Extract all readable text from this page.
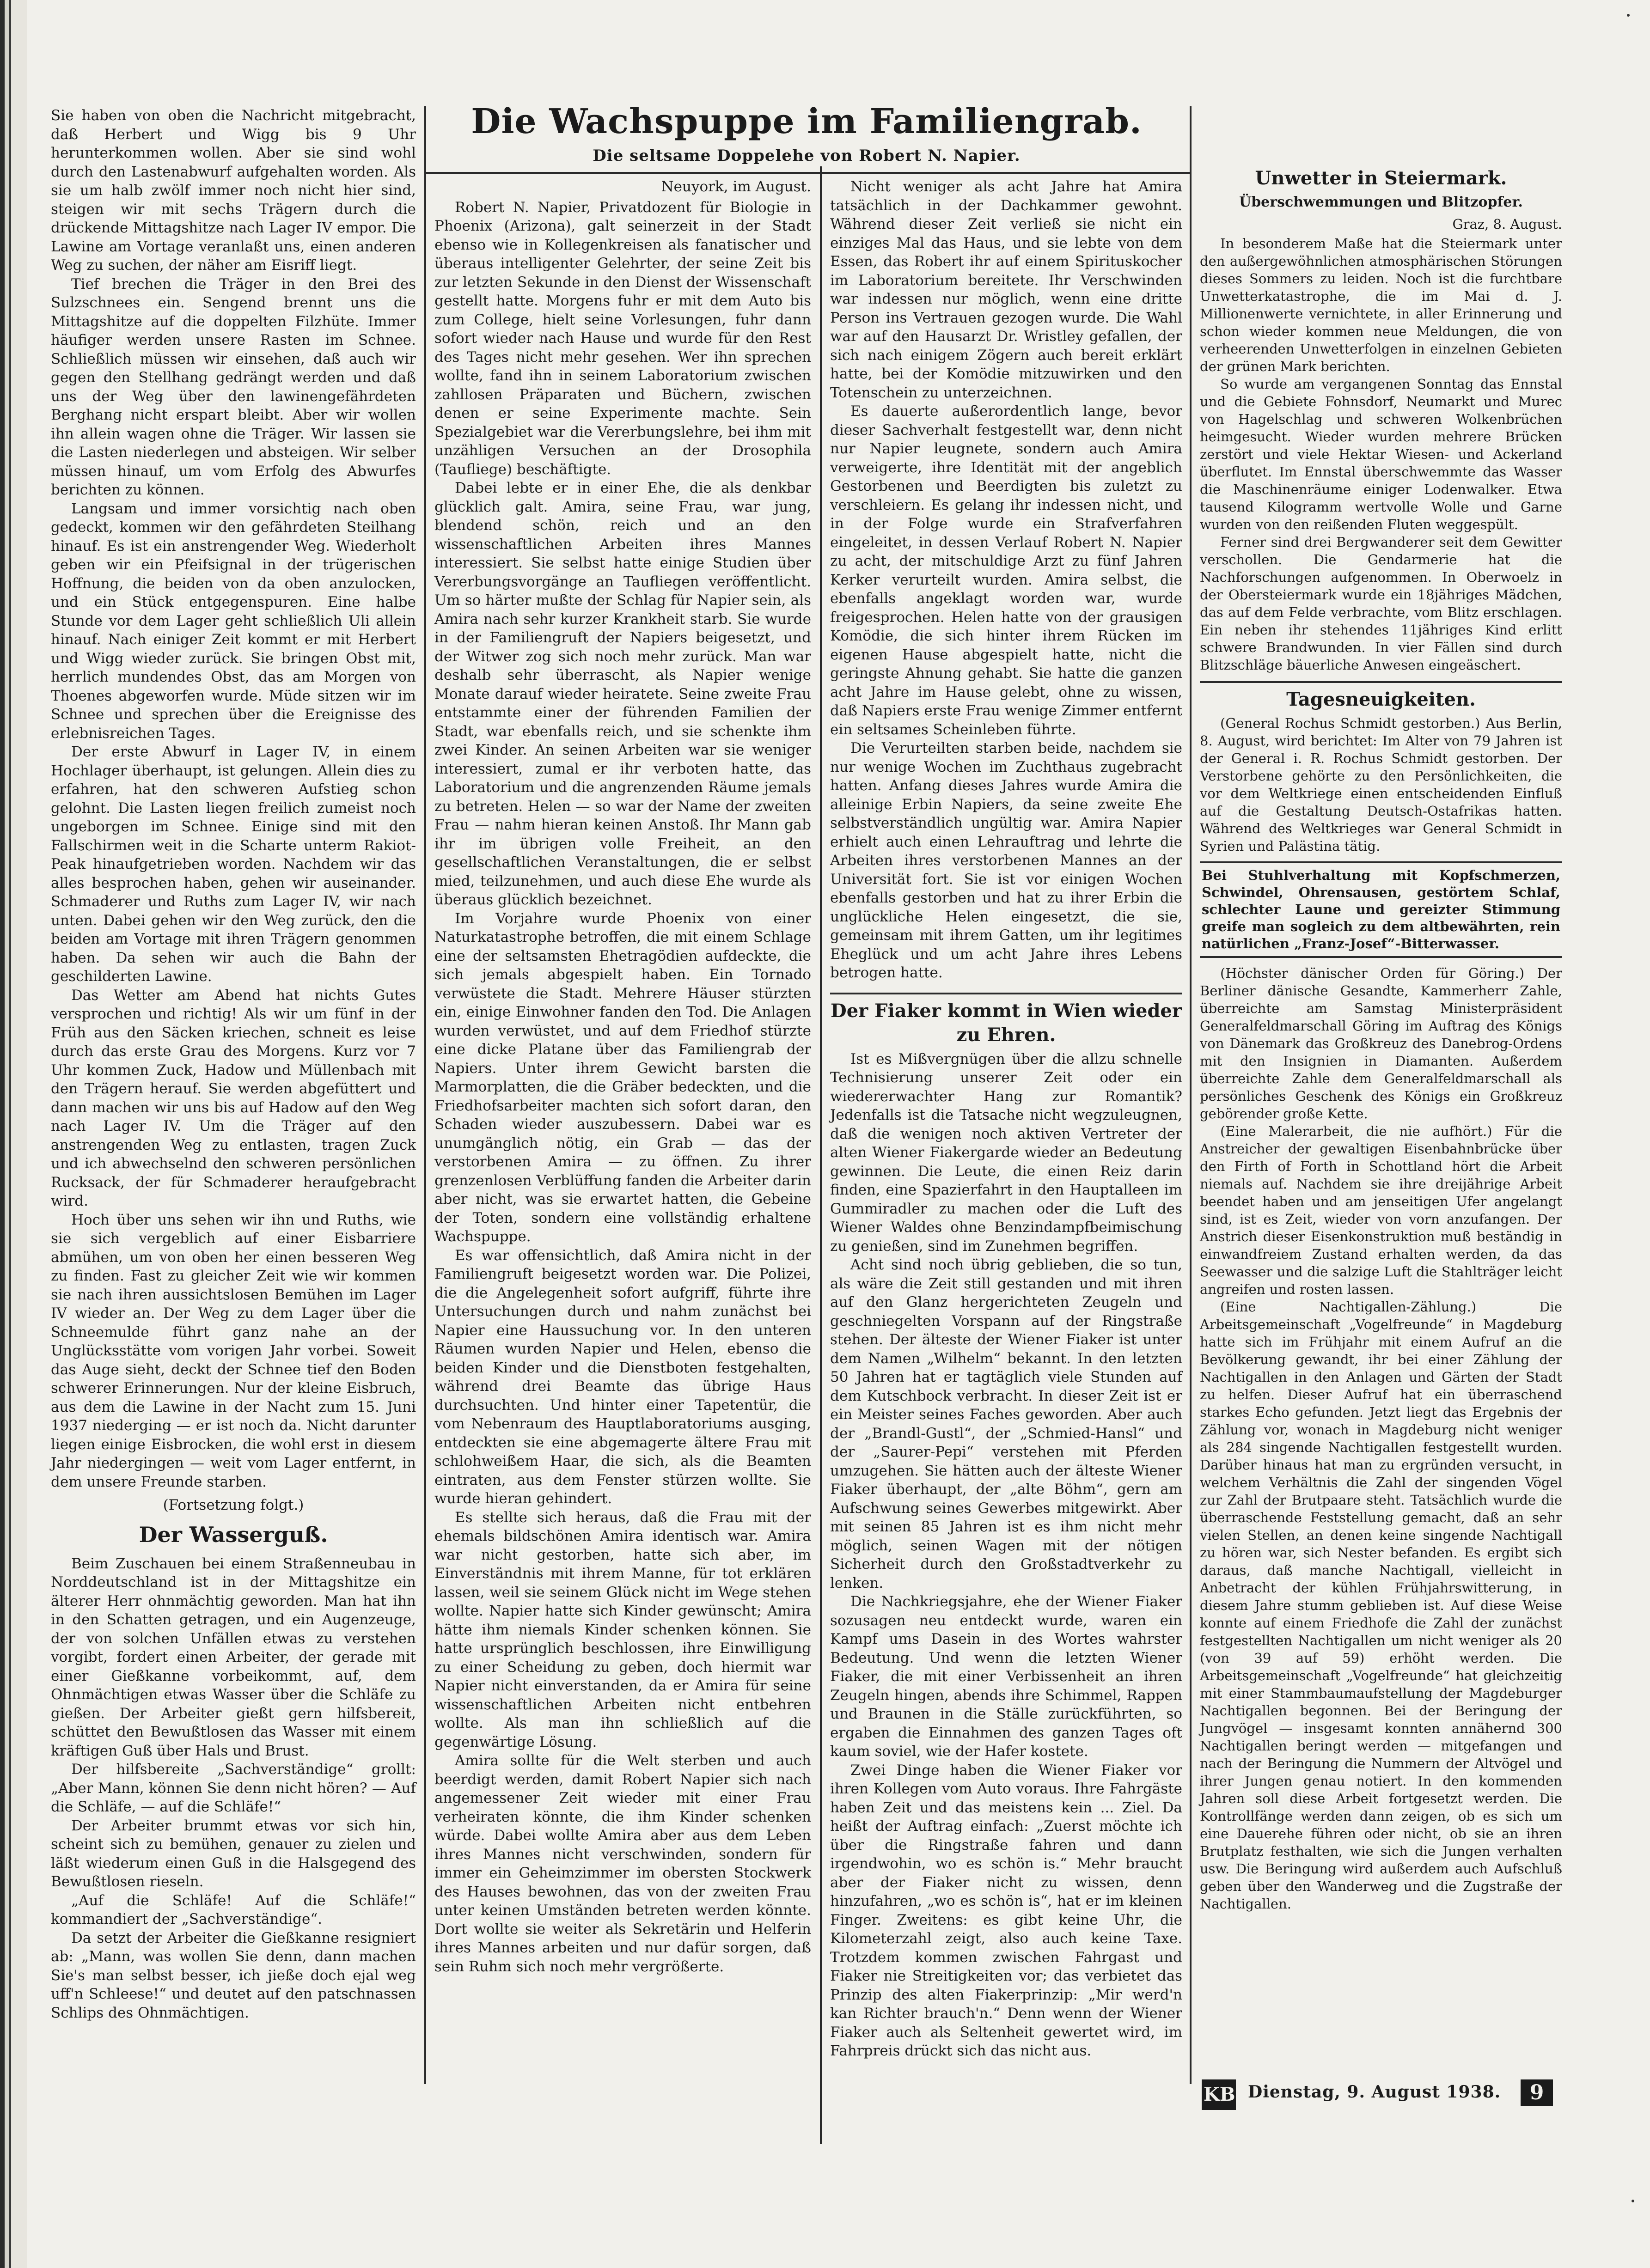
Sie haben von oben die Nachricht mitgebracht, daß Herbert und Wigg bis 9 Uhr herunterkommen wollen. Aber sie sind wohl durch den Lastenabwurf aufgehalten worden. Als sie um halb zwölf immer noch nicht hier sind, steigen wir mit sechs Trägern durch die drückende Mittagshitze nach Lager IV empor. Die Lawine am Vortage veranlaßt uns, einen anderen Weg zu suchen, der näher am Eisriff liegt.

Tief brechen die Träger in den Brei des Sulzschnees ein. Sengend brennt uns die Mittagshitze auf die doppelten Filzhüte. Immer häufiger werden unsere Rasten im Schnee. Schließlich müssen wir einsehen, daß auch wir gegen den Stellhang gedrängt werden und daß uns der Weg über den lawinengefährdeten Berghang nicht erspart bleibt. Aber wir wollen ihn allein wagen ohne die Träger. Wir lassen sie die Lasten niederlegen und absteigen. Wir selber müssen hinauf, um vom Erfolg des Abwurfes berichten zu können.

Langsam und immer vorsichtig nach oben gedeckt, kommen wir den gefährdeten Steilhang hinauf. Es ist ein anstrengender Weg. Wiederholt geben wir ein Pfeifsignal in der trügerischen Hoffnung, die beiden von da oben anzulocken, und ein Stück entgegenspuren. Eine halbe Stunde vor dem Lager geht schließlich Uli allein hinauf. Nach einiger Zeit kommt er mit Herbert und Wigg wieder zurück. Sie bringen Obst mit, herrlich mundendes Obst, das am Morgen von Thoenes abgeworfen wurde. Müde sitzen wir im Schnee und sprechen über die Ereignisse des erlebnisreichen Tages.

Der erste Abwurf in Lager IV, in einem Hochlager überhaupt, ist gelungen. Allein dies zu erfahren, hat den schweren Aufstieg schon gelohnt. Die Lasten liegen freilich zumeist noch ungeborgen im Schnee. Einige sind mit den Fallschirmen weit in die Scharte unterm Rakiot-Peak hinaufgetrieben worden. Nachdem wir das alles besprochen haben, gehen wir auseinander. Schmaderer und Ruths zum Lager IV, wir nach unten. Dabei gehen wir den Weg zurück, den die beiden am Vortage mit ihren Trägern genommen haben. Da sehen wir auch die Bahn der geschilderten Lawine.

Das Wetter am Abend hat nichts Gutes versprochen und richtig! Als wir um fünf in der Früh aus den Säcken kriechen, schneit es leise durch das erste Grau des Morgens. Kurz vor 7 Uhr kommen Zuck, Hadow und Müllenbach mit den Trägern herauf. Sie werden abgefüttert und dann machen wir uns bis auf Hadow auf den Weg nach Lager IV. Um die Träger auf den anstrengenden Weg zu entlasten, tragen Zuck und ich abwechselnd den schweren persönlichen Rucksack, der für Schmaderer heraufgebracht wird.

Hoch über uns sehen wir ihn und Ruths, wie sie sich vergeblich auf einer Eisbarriere abmühen, um von oben her einen besseren Weg zu finden. Fast zu gleicher Zeit wie wir kommen sie nach ihren aussichtslosen Bemühen im Lager IV wieder an. Der Weg zu dem Lager über die Schneemulde führt ganz nahe an der Unglücksstätte vom vorigen Jahr vorbei. Soweit das Auge sieht, deckt der Schnee tief den Boden schwerer Erinnerungen. Nur der kleine Eisbruch, aus dem die Lawine in der Nacht zum 15. Juni 1937 niederging — er ist noch da. Nicht darunter liegen einige Eisbrocken, die wohl erst in diesem Jahr niedergingen — weit vom Lager entfernt, in dem unsere Freunde starben.

(Fortsetzung folgt.)
Der Wasserguß.

Beim Zuschauen bei einem Straßenneubau in Norddeutschland ist in der Mittagshitze ein älterer Herr ohnmächtig geworden. Man hat ihn in den Schatten getragen, und ein Augenzeuge, der von solchen Unfällen etwas zu verstehen vorgibt, fordert einen Arbeiter, der gerade mit einer Gießkanne vorbeikommt, auf, dem Ohnmächtigen etwas Wasser über die Schläfe zu gießen. Der Arbeiter gießt gern hilfsbereit, schüttet den Bewußtlosen das Wasser mit einem kräftigen Guß über Hals und Brust.

Der hilfsbereite „Sachverständige“ grollt: „Aber Mann, können Sie denn nicht hören? — Auf die Schläfe, — auf die Schläfe!“

Der Arbeiter brummt etwas vor sich hin, scheint sich zu bemühen, genauer zu zielen und läßt wiederum einen Guß in die Halsgegend des Bewußtlosen rieseln.

„Auf die Schläfe! Auf die Schläfe!“ kommandiert der „Sachverständige“.

Da setzt der Arbeiter die Gießkanne resigniert ab: „Mann, was wollen Sie denn, dann machen Sie's man selbst besser, ich jieße doch ejal weg uff'n Schleese!“ und deutet auf den patschnassen Schlips des Ohnmächtigen.

Die Wachspuppe im Familiengrab.
Die seltsame Doppelehe von Robert N. Napier.
Neuyork, im August.

Robert N. Napier, Privatdozent für Biologie in Phoenix (Arizona), galt seinerzeit in der Stadt ebenso wie in Kollegenkreisen als fanatischer und überaus intelligenter Gelehrter, der seine Zeit bis zur letzten Sekunde in den Dienst der Wissenschaft gestellt hatte. Morgens fuhr er mit dem Auto bis zum College, hielt seine Vorlesungen, fuhr dann sofort wieder nach Hause und wurde für den Rest des Tages nicht mehr gesehen. Wer ihn sprechen wollte, fand ihn in seinem Laboratorium zwischen zahllosen Präparaten und Büchern, zwischen denen er seine Experimente machte. Sein Spezialgebiet war die Vererbungslehre, bei ihm mit unzähligen Versuchen an der Drosophila (Taufliege) beschäftigte.

Dabei lebte er in einer Ehe, die als denkbar glücklich galt. Amira, seine Frau, war jung, blendend schön, reich und an den wissenschaftlichen Arbeiten ihres Mannes interessiert. Sie selbst hatte einige Studien über Vererbungsvorgänge an Taufliegen veröffentlicht. Um so härter mußte der Schlag für Napier sein, als Amira nach sehr kurzer Krankheit starb. Sie wurde in der Familiengruft der Napiers beigesetzt, und der Witwer zog sich noch mehr zurück. Man war deshalb sehr überrascht, als Napier wenige Monate darauf wieder heiratete. Seine zweite Frau entstammte einer der führenden Familien der Stadt, war ebenfalls reich, und sie schenkte ihm zwei Kinder. An seinen Arbeiten war sie weniger interessiert, zumal er ihr verboten hatte, das Laboratorium und die angrenzenden Räume jemals zu betreten. Helen — so war der Name der zweiten Frau — nahm hieran keinen Anstoß. Ihr Mann gab ihr im übrigen volle Freiheit, an den gesellschaftlichen Veranstaltungen, die er selbst mied, teilzunehmen, und auch diese Ehe wurde als überaus glücklich bezeichnet.

Im Vorjahre wurde Phoenix von einer Naturkatastrophe betroffen, die mit einem Schlage eine der seltsamsten Ehetragödien aufdeckte, die sich jemals abgespielt haben. Ein Tornado verwüstete die Stadt. Mehrere Häuser stürzten ein, einige Einwohner fanden den Tod. Die Anlagen wurden verwüstet, und auf dem Friedhof stürzte eine dicke Platane über das Familiengrab der Napiers. Unter ihrem Gewicht barsten die Marmorplatten, die die Gräber bedeckten, und die Friedhofsarbeiter machten sich sofort daran, den Schaden wieder auszubessern. Dabei war es unumgänglich nötig, ein Grab — das der verstorbenen Amira — zu öffnen. Zu ihrer grenzenlosen Verblüffung fanden die Arbeiter darin aber nicht, was sie erwartet hatten, die Gebeine der Toten, sondern eine vollständig erhaltene Wachspuppe.

Es war offensichtlich, daß Amira nicht in der Familiengruft beigesetzt worden war. Die Polizei, die die Angelegenheit sofort aufgriff, führte ihre Untersuchungen durch und nahm zunächst bei Napier eine Haussuchung vor. In den unteren Räumen wurden Napier und Helen, ebenso die beiden Kinder und die Dienstboten festgehalten, während drei Beamte das übrige Haus durchsuchten. Und hinter einer Tapetentür, die vom Nebenraum des Hauptlaboratoriums ausging, entdeckten sie eine abgemagerte ältere Frau mit schlohweißem Haar, die sich, als die Beamten eintraten, aus dem Fenster stürzen wollte. Sie wurde hieran gehindert.

Es stellte sich heraus, daß die Frau mit der ehemals bildschönen Amira identisch war. Amira war nicht gestorben, hatte sich aber, im Einverständnis mit ihrem Manne, für tot erklären lassen, weil sie seinem Glück nicht im Wege stehen wollte. Napier hatte sich Kinder gewünscht; Amira hätte ihm niemals Kinder schenken können. Sie hatte ursprünglich beschlossen, ihre Einwilligung zu einer Scheidung zu geben, doch hiermit war Napier nicht einverstanden, da er Amira für seine wissenschaftlichen Arbeiten nicht entbehren wollte. Als man ihn schließlich auf die gegenwärtige Lösung.

Amira sollte für die Welt sterben und auch beerdigt werden, damit Robert Napier sich nach angemessener Zeit wieder mit einer Frau verheiraten könnte, die ihm Kinder schenken würde. Dabei wollte Amira aber aus dem Leben ihres Mannes nicht verschwinden, sondern für immer ein Geheimzimmer im obersten Stockwerk des Hauses bewohnen, das von der zweiten Frau unter keinen Umständen betreten werden könnte. Dort wollte sie weiter als Sekretärin und Helferin ihres Mannes arbeiten und nur dafür sorgen, daß sein Ruhm sich noch mehr vergrößerte.

Nicht weniger als acht Jahre hat Amira tatsächlich in der Dachkammer gewohnt. Während dieser Zeit verließ sie nicht ein einziges Mal das Haus, und sie lebte von dem Essen, das Robert ihr auf einem Spirituskocher im Laboratorium bereitete. Ihr Verschwinden war indessen nur möglich, wenn eine dritte Person ins Vertrauen gezogen wurde. Die Wahl war auf den Hausarzt Dr. Wristley gefallen, der sich nach einigem Zögern auch bereit erklärt hatte, bei der Komödie mitzuwirken und den Totenschein zu unterzeichnen.

Es dauerte außerordentlich lange, bevor dieser Sachverhalt festgestellt war, denn nicht nur Napier leugnete, sondern auch Amira verweigerte, ihre Identität mit der angeblich Gestorbenen und Beerdigten bis zuletzt zu verschleiern. Es gelang ihr indessen nicht, und in der Folge wurde ein Strafverfahren eingeleitet, in dessen Verlauf Robert N. Napier zu acht, der mitschuldige Arzt zu fünf Jahren Kerker verurteilt wurden. Amira selbst, die ebenfalls angeklagt worden war, wurde freigesprochen. Helen hatte von der grausigen Komödie, die sich hinter ihrem Rücken im eigenen Hause abgespielt hatte, nicht die geringste Ahnung gehabt. Sie hatte die ganzen acht Jahre im Hause gelebt, ohne zu wissen, daß Napiers erste Frau wenige Zimmer entfernt ein seltsames Scheinleben führte.

Die Verurteilten starben beide, nachdem sie nur wenige Wochen im Zuchthaus zugebracht hatten. Anfang dieses Jahres wurde Amira die alleinige Erbin Napiers, da seine zweite Ehe selbstverständlich ungültig war. Amira Napier erhielt auch einen Lehrauftrag und lehrte die Arbeiten ihres verstorbenen Mannes an der Universität fort. Sie ist vor einigen Wochen ebenfalls gestorben und hat zu ihrer Erbin die unglückliche Helen eingesetzt, die sie, gemeinsam mit ihrem Gatten, um ihr legitimes Eheglück und um acht Jahre ihres Lebens betrogen hatte.

Der Fiaker kommt in Wien wieder zu Ehren.

Ist es Mißvergnügen über die allzu schnelle Technisierung unserer Zeit oder ein wiedererwachter Hang zur Romantik? Jedenfalls ist die Tatsache nicht wegzuleugnen, daß die wenigen noch aktiven Vertreter der alten Wiener Fiakergarde wieder an Bedeutung gewinnen. Die Leute, die einen Reiz darin finden, eine Spazierfahrt in den Hauptalleen im Gummiradler zu machen oder die Luft des Wiener Waldes ohne Benzindampfbeimischung zu genießen, sind im Zunehmen begriffen.

Acht sind noch übrig geblieben, die so tun, als wäre die Zeit still gestanden und mit ihren auf den Glanz hergerichteten Zeugeln und geschniegelten Vorspann auf der Ringstraße stehen. Der älteste der Wiener Fiaker ist unter dem Namen „Wilhelm“ bekannt. In den letzten 50 Jahren hat er tagtäglich viele Stunden auf dem Kutschbock verbracht. In dieser Zeit ist er ein Meister seines Faches geworden. Aber auch der „Brandl-Gustl“, der „Schmied-Hansl“ und der „Saurer-Pepi“ verstehen mit Pferden umzugehen. Sie hätten auch der älteste Wiener Fiaker überhaupt, der „alte Böhm“, gern am Aufschwung seines Gewerbes mitgewirkt. Aber mit seinen 85 Jahren ist es ihm nicht mehr möglich, seinen Wagen mit der nötigen Sicherheit durch den Großstadtverkehr zu lenken.

Die Nachkriegsjahre, ehe der Wiener Fiaker sozusagen neu entdeckt wurde, waren ein Kampf ums Dasein in des Wortes wahrster Bedeutung. Und wenn die letzten Wiener Fiaker, die mit einer Verbissenheit an ihren Zeugeln hingen, abends ihre Schimmel, Rappen und Braunen in die Ställe zurückführten, so ergaben die Einnahmen des ganzen Tages oft kaum soviel, wie der Hafer kostete.

Zwei Dinge haben die Wiener Fiaker vor ihren Kollegen vom Auto voraus. Ihre Fahrgäste haben Zeit und das meistens kein ... Ziel. Da heißt der Auftrag einfach: „Zuerst möchte ich über die Ringstraße fahren und dann irgendwohin, wo es schön is.“ Mehr braucht aber der Fiaker nicht zu wissen, denn hinzufahren, „wo es schön is“, hat er im kleinen Finger. Zweitens: es gibt keine Uhr, die Kilometerzahl zeigt, also auch keine Taxe. Trotzdem kommen zwischen Fahrgast und Fiaker nie Streitigkeiten vor; das verbietet das Prinzip des alten Fiakerprinzip: „Mir werd'n kan Richter brauch'n.“ Denn wenn der Wiener Fiaker auch als Seltenheit gewertet wird, im Fahrpreis drückt sich das nicht aus.

Unwetter in Steiermark.
Überschwemmungen und Blitzopfer.
Graz, 8. August.

In besonderem Maße hat die Steiermark unter den außergewöhnlichen atmosphärischen Störungen dieses Sommers zu leiden. Noch ist die furchtbare Unwetterkatastrophe, die im Mai d. J. Millionenwerte vernichtete, in aller Erinnerung und schon wieder kommen neue Meldungen, die von verheerenden Unwetterfolgen in einzelnen Gebieten der grünen Mark berichten.

So wurde am vergangenen Sonntag das Ennstal und die Gebiete Fohnsdorf, Neumarkt und Murec von Hagelschlag und schweren Wolkenbrüchen heimgesucht. Wieder wurden mehrere Brücken zerstört und viele Hektar Wiesen- und Ackerland überflutet. Im Ennstal überschwemmte das Wasser die Maschinenräume einiger Lodenwalker. Etwa tausend Kilogramm wertvolle Wolle und Garne wurden von den reißenden Fluten weggespült.

Ferner sind drei Bergwanderer seit dem Gewitter verschollen. Die Gendarmerie hat die Nachforschungen aufgenommen. In Oberwoelz in der Obersteiermark wurde ein 18jähriges Mädchen, das auf dem Felde verbrachte, vom Blitz erschlagen. Ein neben ihr stehendes 11jähriges Kind erlitt schwere Brandwunden. In vier Fällen sind durch Blitzschläge bäuerliche Anwesen eingeäschert.

Tagesneuigkeiten.

(General Rochus Schmidt gestorben.) Aus Berlin, 8. August, wird berichtet: Im Alter von 79 Jahren ist der General i. R. Rochus Schmidt gestorben. Der Verstorbene gehörte zu den Persönlichkeiten, die vor dem Weltkriege einen entscheidenden Einfluß auf die Gestaltung Deutsch-Ostafrikas hatten. Während des Weltkrieges war General Schmidt in Syrien und Palästina tätig.

Bei Stuhlverhaltung mit Kopfschmerzen, Schwindel, Ohrensausen, gestörtem Schlaf, schlechter Laune und gereizter Stimmung greife man sogleich zu dem altbewährten, rein natürlichen „Franz-Josef“-Bitterwasser.

(Höchster dänischer Orden für Göring.) Der Berliner dänische Gesandte, Kammerherr Zahle, überreichte am Samstag Ministerpräsident Generalfeldmarschall Göring im Auftrag des Königs von Dänemark das Großkreuz des Danebrog-Ordens mit den Insignien in Diamanten. Außerdem überreichte Zahle dem Generalfeldmarschall als persönliches Geschenk des Königs ein Großkreuz gebörender große Kette.

(Eine Malerarbeit, die nie aufhört.) Für die Anstreicher der gewaltigen Eisenbahnbrücke über den Firth of Forth in Schottland hört die Arbeit niemals auf. Nachdem sie ihre dreijährige Arbeit beendet haben und am jenseitigen Ufer angelangt sind, ist es Zeit, wieder von vorn anzufangen. Der Anstrich dieser Eisenkonstruktion muß beständig in einwandfreiem Zustand erhalten werden, da das Seewasser und die salzige Luft die Stahlträger leicht angreifen und rosten lassen.

(Eine Nachtigallen-Zählung.) Die Arbeitsgemeinschaft „Vogelfreunde“ in Magdeburg hatte sich im Frühjahr mit einem Aufruf an die Bevölkerung gewandt, ihr bei einer Zählung der Nachtigallen in den Anlagen und Gärten der Stadt zu helfen. Dieser Aufruf hat ein überraschend starkes Echo gefunden. Jetzt liegt das Ergebnis der Zählung vor, wonach in Magdeburg nicht weniger als 284 singende Nachtigallen festgestellt wurden. Darüber hinaus hat man zu ergründen versucht, in welchem Verhältnis die Zahl der singenden Vögel zur Zahl der Brutpaare steht. Tatsächlich wurde die überraschende Feststellung gemacht, daß an sehr vielen Stellen, an denen keine singende Nachtigall zu hören war, sich Nester befanden. Es ergibt sich daraus, daß manche Nachtigall, vielleicht in Anbetracht der kühlen Frühjahrswitterung, in diesem Jahre stumm geblieben ist. Auf diese Weise konnte auf einem Friedhofe die Zahl der zunächst festgestellten Nachtigallen um nicht weniger als 20 (von 39 auf 59) erhöht werden. Die Arbeitsgemeinschaft „Vogelfreunde“ hat gleichzeitig mit einer Stammbaumaufstellung der Magdeburger Nachtigallen begonnen. Bei der Beringung der Jungvögel — insgesamt konnten annähernd 300 Nachtigallen beringt werden — mitgefangen und nach der Beringung die Nummern der Altvögel und ihrer Jungen genau notiert. In den kommenden Jahren soll diese Arbeit fortgesetzt werden. Die Kontrollfänge werden dann zeigen, ob es sich um eine Dauerehe führen oder nicht, ob sie an ihren Brutplatz festhalten, wie sich die Jungen verhalten usw. Die Beringung wird außerdem auch Aufschluß geben über den Wanderweg und die Zugstraße der Nachtigallen.

KB Dienstag, 9. August 1938.	9
